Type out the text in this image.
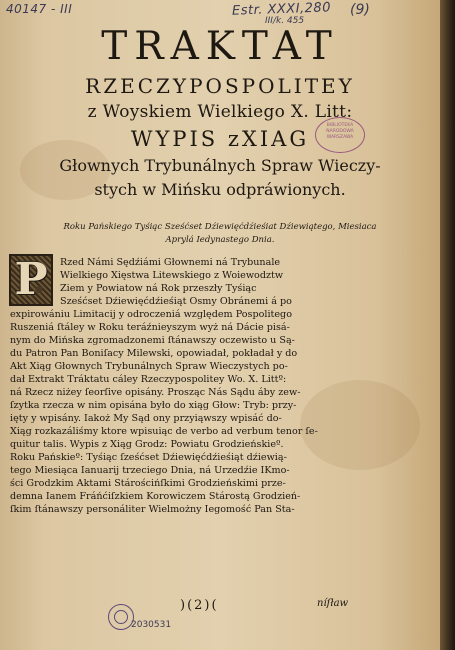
40147 - III	Estr. XXXI,280
III/k. 455
(9)
TRAKTAT
RZECZYPOSPOLITEY
z Woyskiem Wielkiego X. Litt:
WYPIS zXIAG
Głownych Trybunálnych Spraw Wieczy-
stych w Mińsku odpráwionych.
BIBLIOTEKA
NARODOWA
WARSZAWA
Roku Pańskiego Tyśiąc Sześćset Dźiewięćdźieśiat Dźiewiątego, Miesiaca
Aprylá Iedynastego Dnia.
P Rzed Námi Sędźiámi Głownemi ná Trybunale
Wielkiego Xięstwa Litewskiego z Woiewodztw
Ziem y Powiatow ná Rok przeszły Tyśiąc
Sześćset Dźiewięćdźieśiąt Osmy Obránemi á po
expirowániu Limitacij y odroczeniá względem Pospolitego
Ruszeniá ſtáley w Roku teráźnieyszym wyż ná Dácie pisá-
nym do Mińska zgromadzonemi ſtánawszy oczewisto u Są-
du Patron Pan Boniſacy Milewski, opowiadał, pokładał y do
Akt Xiąg Głownych Trybunálnych Spraw Wieczystych po-
dał Extrakt Tráktatu cáley Rzeczypospolitey Wo. X. Littº:
ná Rzecz niżey ſeorſive opisány. Prosząc Nás Sądu áby zew-
ſzytka rzecza w nim opisána było do xiąg Głow: Tryb: przy-
ięty y wpisány. Iakoż My Sąd ony przyiąwszy wpisáć do-
Xiąg rozkazáliśmy ktore wpisuiąc de verbo ad verbum tenor ſe-
quitur talis. Wypis z Xiąg Grodz: Powiatu Grodzieńskieº.
Roku Pańskieº: Tyśiąc ſześćset Dźiewięćdźieśiąt dźiewią-
tego Miesiąca Ianuarij trzeciego Dnia, ná Urzedźie IKmo-
ści Grodzkim Aktami Stárościńſkimi Grodzieńskimi prze-
demna Ianem Fráńćiſzkiem Korowiczem Stárostą Grodzień-
ſkim ſtánawszy personáliter Wielmożny Iegomość Pan Sta-
)(2)(	níſław
2030531
